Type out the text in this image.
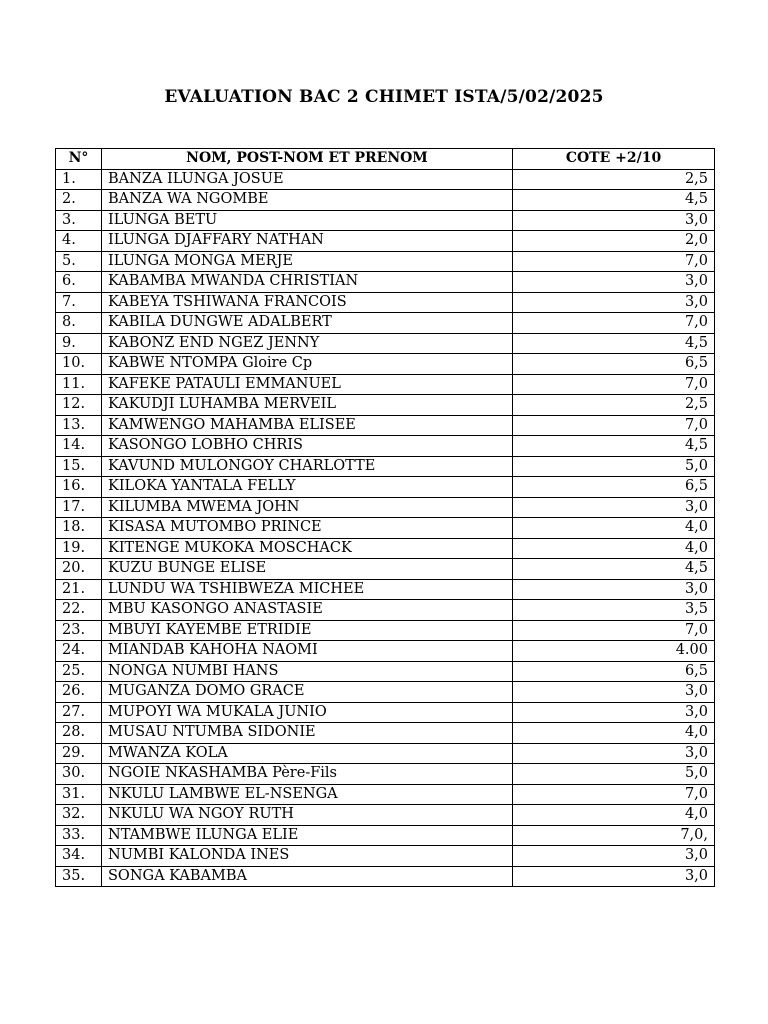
EVALUATION BAC 2 CHIMET ISTA/5/02/2025
N°	NOM, POST-NOM ET PRENOM	COTE +2/10
1.	BANZA ILUNGA JOSUE	2,5
2.	BANZA WA NGOMBE	4,5
3.	ILUNGA BETU	3,0
4.	ILUNGA DJAFFARY NATHAN	2,0
5.	ILUNGA MONGA MERJE	7,0
6.	KABAMBA MWANDA CHRISTIAN	3,0
7.	KABEYA TSHIWANA FRANCOIS	3,0
8.	KABILA DUNGWE ADALBERT	7,0
9.	KABONZ END NGEZ JENNY	4,5
10.	KABWE NTOMPA Gloire Cp	6,5
11.	KAFEKE PATAULI EMMANUEL	7,0
12.	KAKUDJI LUHAMBA MERVEIL	2,5
13.	KAMWENGO MAHAMBA ELISEE	7,0
14.	KASONGO LOBHO CHRIS	4,5
15.	KAVUND MULONGOY CHARLOTTE	5,0
16.	KILOKA YANTALA FELLY	6,5
17.	KILUMBA MWEMA JOHN	3,0
18.	KISASA MUTOMBO PRINCE	4,0
19.	KITENGE MUKOKA MOSCHACK	4,0
20.	KUZU BUNGE ELISE	4,5
21.	LUNDU WA TSHIBWEZA MICHEE	3,0
22.	MBU KASONGO ANASTASIE	3,5
23.	MBUYI KAYEMBE ETRIDIE	7,0
24.	MIANDAB KAHOHA NAOMI	4.00
25.	NONGA NUMBI HANS	6,5
26.	MUGANZA DOMO GRACE	3,0
27.	MUPOYI WA MUKALA JUNIO	3,0
28.	MUSAU NTUMBA SIDONIE	4,0
29.	MWANZA KOLA	3,0
30.	NGOIE NKASHAMBA Père-Fils	5,0
31.	NKULU LAMBWE EL-NSENGA	7,0
32.	NKULU WA NGOY RUTH	4,0
33.	NTAMBWE ILUNGA ELIE	7,0,
34.	NUMBI KALONDA INES	3,0
35.	SONGA KABAMBA	3,0
